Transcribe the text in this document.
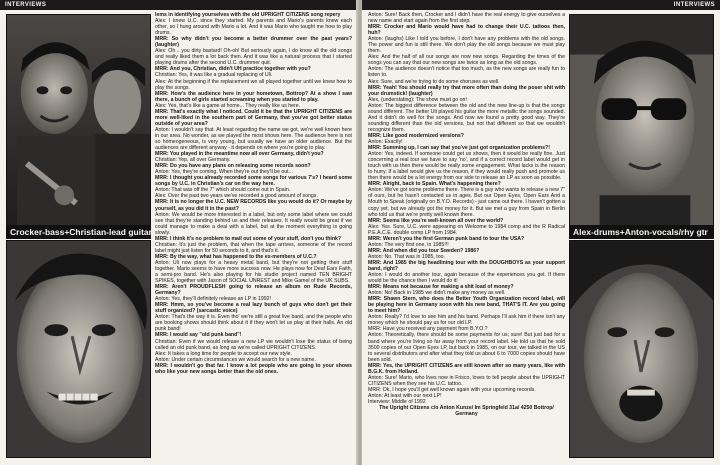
INTERVIEWS
Crocker-bass+Christian-lead guitar

lems in identifying yourselves with the old UPRIGHT CITIZENS song repery

Alex: I knew U.C. since they started. My parents and Mario's parents knew each other, so I hung around with Mario a lot. And it was Mario who taught me how to play drums.

MRR: So why didn't you become a better drummer over the past years? (laughter)

Alex: Oh... you dirty bastard! Oh-oh! But seriously again, I do know all the old songs and really liked them a lot back then. And it was like a natural process that I started playing drums after the second U.C. drummer quit.

MRR: And you, Christian, didn't UH practice together with you?

Christian: Yes, it was like a gradual replacing of Uli.

Alex: At the beginning if the replacement we all played together until we knew how to play the songs.

MRR: How's the audience here in your hometown, Bottrop? At a show I saw there, a bunch of girls started screaming when you started to play.

Alex: Yes, that's like a game at home... They really like us here.

MRR: That's exactly what I noticed. Could it be that the UPRIGHT CITIZENS are more well-liked in the southern part of Germany, that you've got better status outside of your area?

Anton: I wouldn't say that. At least regarding the name we got, we're well known here in our area. No wonder, as we played the most shows here. The audience here is not so homeogeneous, is very young, but usually we have an older audience. But the audiences are different anyway - it depends on where you're going to play.

MRR: You played in the meantime now all over Germany, didn't you?

Christian: Yep, all over Germany.

MRR: Do you have any plans on releasing some records soon?

Anton: Yes, they're coming. When they're out they'll be out...

MRR: I thought you already recorded some songs for various 7's? I heard some songs by U.C. in Christian's car on the way here.

Anton: That was off the 7" which should come out in Spain.

Alex: Over the past two years we've recorded a good amount of songs.

MRR: It is no longer the U.C. NEW RECORDS like you would do it? Or maybe by yourself, as you did it in the past?

Anton: We would be more interested in a label, but only some label where we could see that they're standing behind us and their releases. It really would be great if we could manage to make a deal with a label, but at the moment everything is going slowly.

MRR: I think it's no problem to mail out some of your stuff, don't you think?

Christian: It's just the problem, that when the tape arrives, someone of the record label might just listen for 50 seconds to it, and that's it.

MRR: By the way, what has happened to the ex-members of U.C.?

Anton: Uli now plays for a heavy metal band, but they're not getting their stuff together. Mario seems to have more success now. He plays now for Deaf Ears Faith, a semi-pro band. He's also playing for his studio project named TEN BRIGHT SPIKES, together with Jason of SOCIAL UNREST and Mike Gamel of the UK SUBS.

MRR: Aren't PROUDFLESH going to release an album on Rude Records, Germany?

Anton: Yes, they'll definitely release an LP in 1992!

MRR: Hmm, so you've become a real lazy bunch of guys who don't get their stuff organized? (sarcastic voice)

Anton: That's the way it is. Even tho' we're still a great live band, and the people who are booking shows should think about it if they won't let us play at their halls. An old punk band!

MRR: I would say "old punk band"!

Christian: Even if we would release a new LP we wouldn't lose the status of being called an old punk band, as long as we're called UPRIGHT CITIZENS.

Alex: It takes a long time for people to accept our new style.

Anton: Under certain circumstances we would search for a new name.

MRR: I wouldn't go that far. I know a lot people who are going to your shows who like your new songs better than the old ones.

INTERVIEWS

Anton: Sure! Back then, Crocker and I didn't have the real energy to give ourselves a new name and start again from the first step.

MRR: Crocker and Mario would have had to change their U.C. tattoos then, huh?

Anton: (laughs) Like I told you before, I don't have any problems with the old songs. The power and fun is still there. We don't play the old songs because we must play them.

Alex: And the half of all our songs are now new songs. Regarding the times of the songs you can say that our new songs are twice as long as the old songs.

Anton: The audience doesn't notice that too much, as the new songs are really fun to listen to.

Alex: Sure, and we're trying to do some choruses as well.

MRR: Yeah! You should really try that more often than doing the poser shit with your drumstick! (laughter)

Alex, (understating): The show must go on!

Anton: The biggest difference between the old and the new line-up is that the songs sound different. The better Uli played his guitar the more metallic the songs sounded. And it didn't do well for the songs. And now we found a pretty good way. They're sounding different than the old versions, but not that different so that we wouldn't recognize them.

MRR: Like good modernized versions?

Anton: Exactly!

MRR: Summing up, I can say that you've just got organization problems?!

Anton: Yes, indeed. If someone could get us shows, then it would be really fine. Just concerning a real tour we have to say 'no', and if a correct record label would get in touch with us then there would be really some engagement. What lacks is the reason to hurry. If a label would give us the reason, if they would really push and promote us then there would be a lot energy from our side to release an LP as soon as possible.

MRR: Alright, back to Spain. What's happening there?

Anton: We've got some problems there. There is a guy who wants to release a new 7" of ours, but he hasn't contacted us in ages. But our Open Eyes, Open Ears And a Mouth to Speak (originally on B.Y.O. Records) - just came out there. I haven't gotten a copy yet, but we already got the money for it. But we met a guy from Spain in Berlin who told us that we're pretty well known there.

MRR: Seems like you're well-known all over the world?

Alex: Yes. Sure, U.C. were appearing on Welcome to 1984 comp and the R Radical P.E.A.C.E. double comp LP from 1984.

MRR: Weren't you the first German punk band to tour the USA?

Anton: The very first one, in 1985!!!

MRR: And when did you tour Sweden? 1986?

Anton: No. That was in 1985, too.

MRR: And 1985 the big headlining tour with the DOUGHBOYS as your support band, right?

Anton: I would do another tour, again because of the experiences you get. If there would be the chance then I would do it!

MRR: Means not because for making a shit load of money?

Anton: No! Back in 1985 we didn't make any money as well.

MRR: Shawn Stern, who does the Better Youth Organization record label, will be playing here in Germany soon with his new band, THAT'S IT. Are you going to meet him?

Anton: Really? I'd love to see him and his band. Perhaps I'll ask him if there isn't any money which he should pay us for our old LP.

MRR: Have you received any payment from B.Y.O.?

Anton: Theoretically, there should be some payments for us; sure! But just bad for a band where you're living so far away from your record label. He told us that he sold 3500 copies of our Open Eyes LP, but back in 1985, on our tour, we talked in the US to several distributors and after what they told us about 6 to 7000 copies should have been sold.

MRR: Yes, the UPRIGHT CITIZENS are still known after so many years, like with B.G.K. from Holland.

Anton: Sure! Mario, who lives now in Frisco, loves to tell people about the UPRIGHT CITIZENS when they see his U.C. tattoo.

MRR: Ok, I hope you'll get well known again with your upcoming records.

Anton: At least with our next LP!

Interview: Middle of 1992

The Upright Citizens c/o Anton Kunze/ Im Springfeld 31a/ 4250 Bottrop/ Germany

Alex-drums+Anton-vocals/rhy gtr
